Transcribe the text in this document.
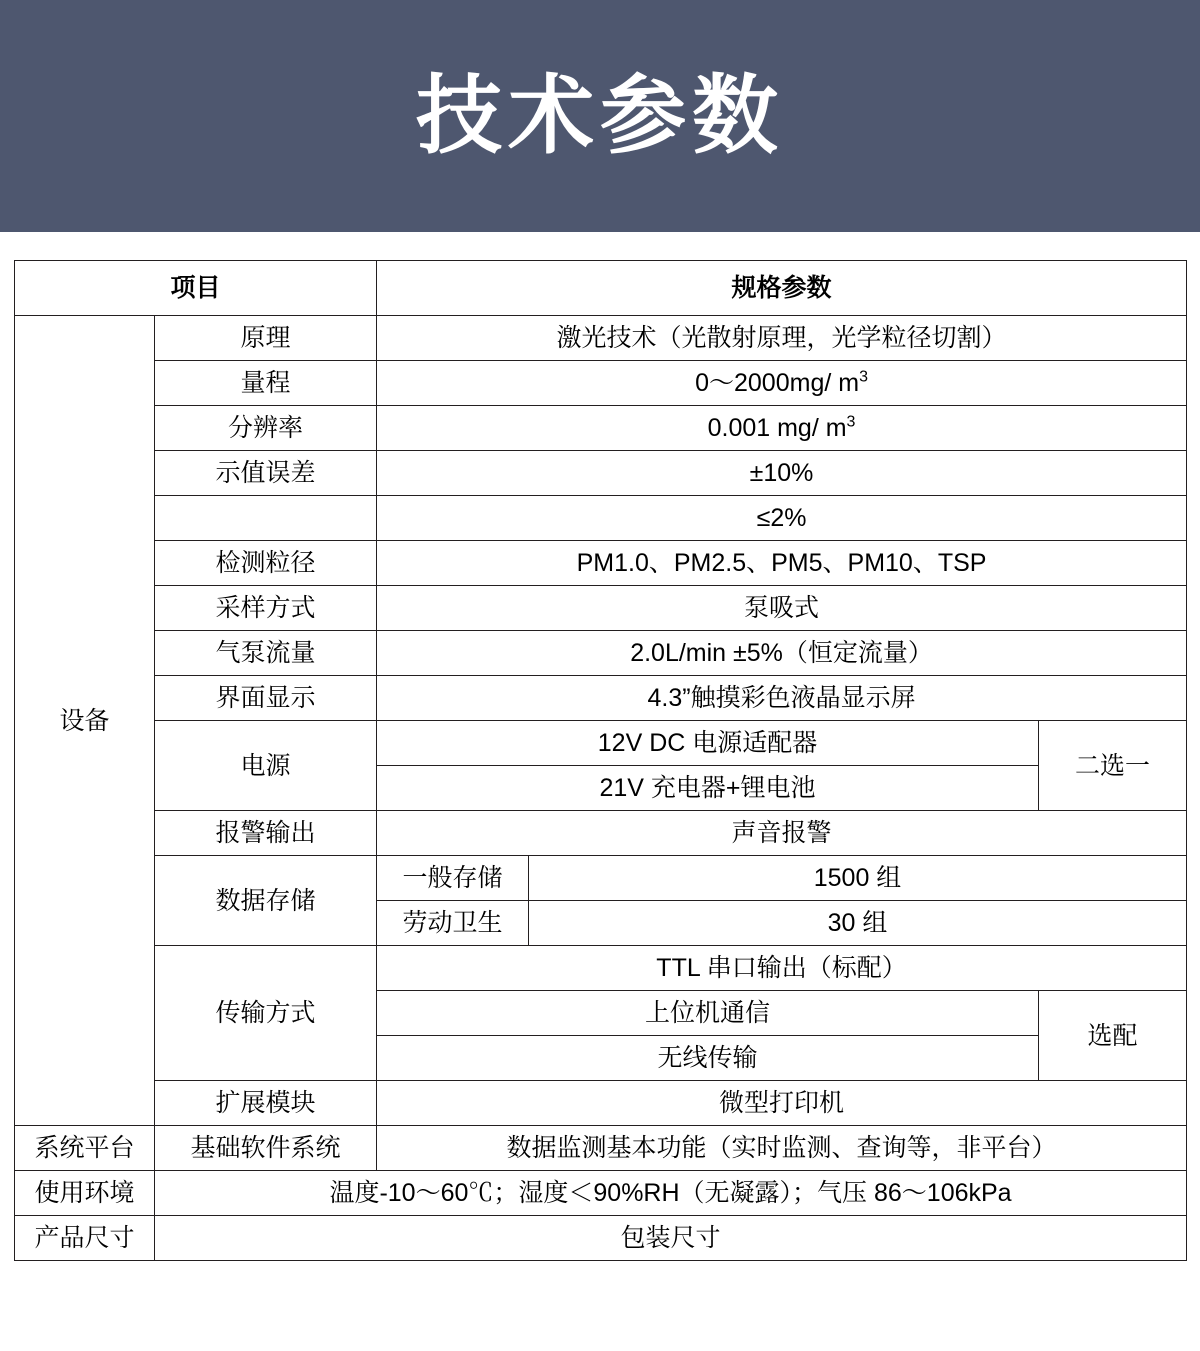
技术参数
项目		规格参数		
设备	原理	激光技术（光散射原理，光学粒径切割）		
	量程	0～2000mg/ $m^3$
	分辨率	0.001 mg/ $m^3$
	示值误差	±10%		
		≤2%		
	检测粒径	PM1.0、PM2.5、PM5、PM10、TSP		
	采样方式	泵吸式		
	气泵流量	2.0L/min ±5%（恒定流量）		
	界面显示	4.3”触摸彩色液晶显示屏		
	电源	12V DC 电源适配器		二选一
		21V 充电器+锂电池		
	报警输出	声音报警		
	数据存储	一般存储	1500 组	
		劳动卫生	30 组	
	传输方式	TTL 串口输出（标配）		
		上位机通信		选配
		无线传输		
	扩展模块	微型打印机		
系统平台	基础软件系统	数据监测基本功能（实时监测、查询等，非平台）		
使用环境	温度-10～60℃；湿度＜90%RH（无凝露）；气压 86～106kPa			
产品尺寸	包装尺寸			
